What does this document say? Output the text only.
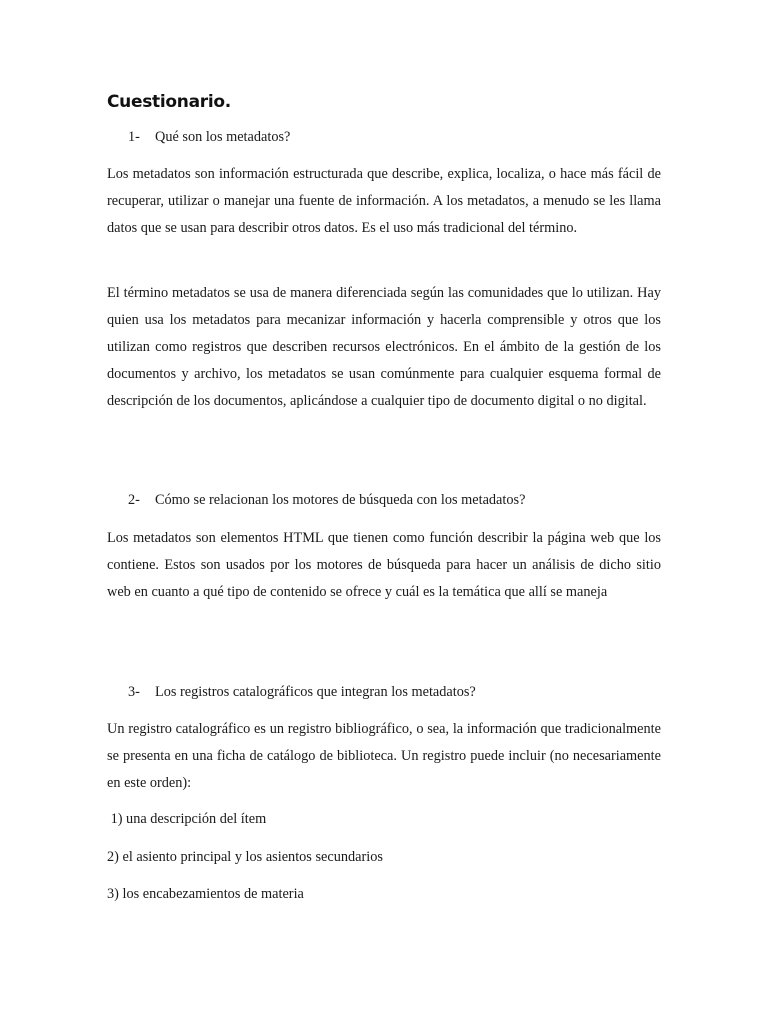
Cuestionario.

1- Qué son los metadatos?

Los metadatos son información estructurada que describe, explica, localiza, o hace más fácil de recuperar, utilizar o manejar una fuente de información. A los metadatos, a menudo se les llama datos que se usan para describir otros datos. Es el uso más tradicional del término.

El término metadatos se usa de manera diferenciada según las comunidades que lo utilizan. Hay quien usa los metadatos para mecanizar información y hacerla comprensible y otros que los utilizan como registros que describen recursos electrónicos. En el ámbito de la gestión de los documentos y archivo, los metadatos se usan comúnmente para cualquier esquema formal de descripción de los documentos, aplicándose a cualquier tipo de documento digital o no digital.

2- Cómo se relacionan los motores de búsqueda con los metadatos?

Los metadatos son elementos HTML que tienen como función describir la página web que los contiene. Estos son usados por los motores de búsqueda para hacer un análisis de dicho sitio web en cuanto a qué tipo de contenido se ofrece y cuál es la temática que allí se maneja

3- Los registros catalográficos que integran los metadatos?

Un registro catalográfico es un registro bibliográfico, o sea, la información que tradicionalmente se presenta en una ficha de catálogo de biblioteca. Un registro puede incluir (no necesariamente en este orden):

1) una descripción del ítem

2) el asiento principal y los asientos secundarios

3) los encabezamientos de materia
